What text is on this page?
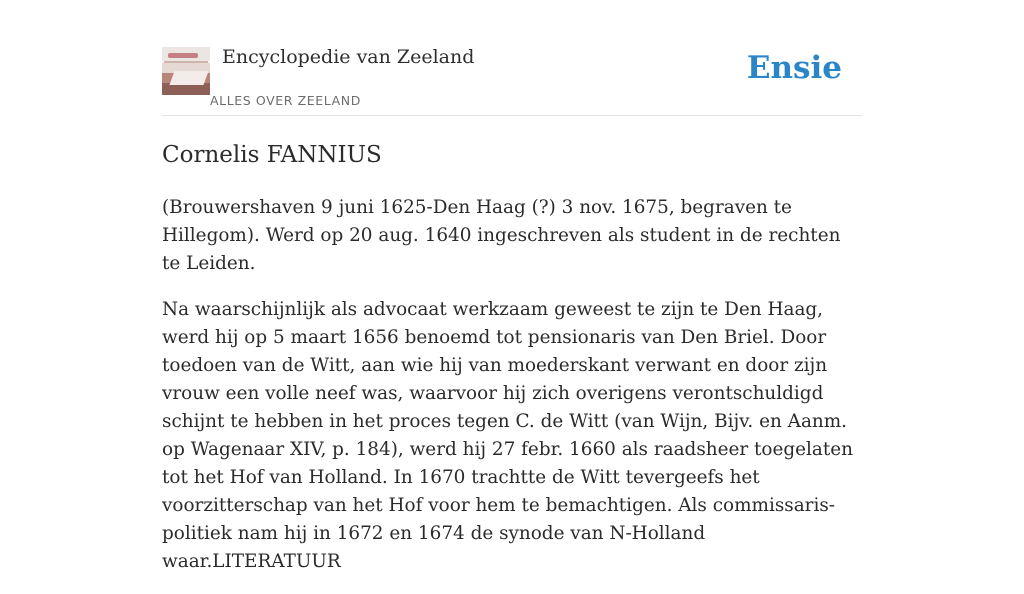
Encyclopedie van Zeeland
ALLES OVER ZEELAND
Ensie
Cornelis FANNIUS

(Brouwershaven 9 juni 1625-Den Haag (?) 3 nov. 1675, begraven te Hillegom). Werd op 20 aug. 1640 ingeschreven als student in de rechten te Leiden.

Na waarschijnlijk als advocaat werkzaam geweest te zijn te Den Haag, werd hij op 5 maart 1656 benoemd tot pensionaris van Den Briel. Door toedoen van de Witt, aan wie hij van moederskant verwant en door zijn vrouw een volle neef was, waarvoor hij zich overigens verontschuldigd schijnt te hebben in het proces tegen C. de Witt (van Wijn, Bijv. en Aanm. op Wagenaar XIV, p. 184), werd hij 27 febr. 1660 als raadsheer toegelaten tot het Hof van Holland. In 1670 trachtte de Witt tevergeefs het voorzitterschap van het Hof voor hem te bemachtigen. Als commissaris-politiek nam hij in 1672 en 1674 de synode van N-Holland waar.LITERATUUR
